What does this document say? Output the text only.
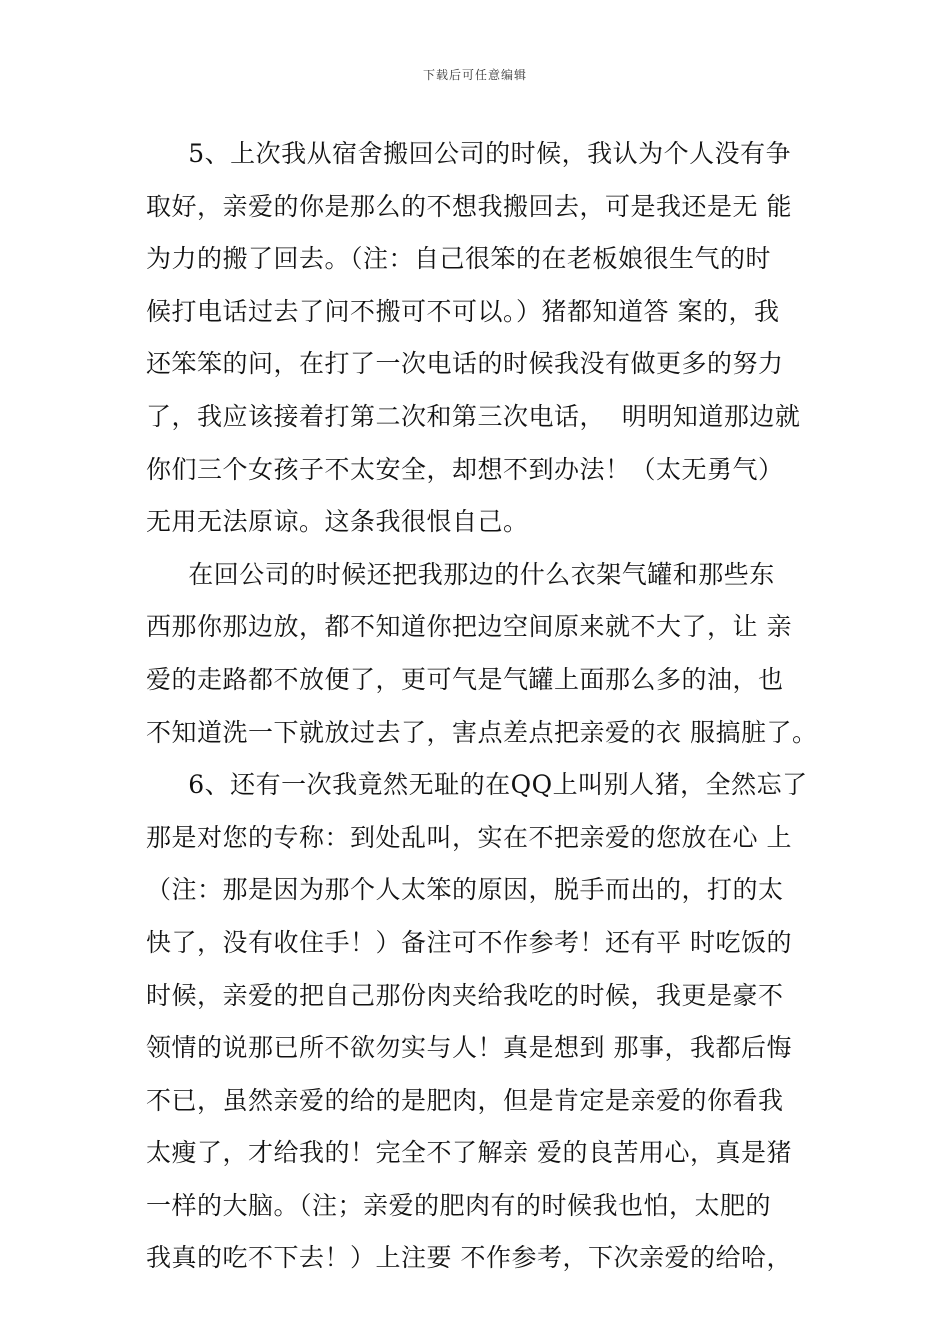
下载后可任意编辑
5、上次我从宿舍搬回公司的时候，我认为个人没有争
取好，亲爱的你是那么的不想我搬回去，可是我还是无 能
为力的搬了回去。（注：自己很笨的在老板娘很生气的时
候打电话过去了问不搬可不可以。）猪都知道答 案的，我
还笨笨的问，在打了一次电话的时候我没有做更多的努力
了，我应该接着打第二次和第三次电话，  明明知道那边就
你们三个女孩子不太安全，却想不到办法！（太无勇气）
无用无法原谅。这条我很恨自己。
在回公司的时候还把我那边的什么衣架气罐和那些东
西那你那边放，都不知道你把边空间原来就不大了，让 亲
爱的走路都不放便了，更可气是气罐上面那么多的油，也
不知道洗一下就放过去了，害点差点把亲爱的衣 服搞脏了。
6、还有一次我竟然无耻的在QQ上叫别人猪，全然忘了
那是对您的专称：到处乱叫，实在不把亲爱的您放在心 上
（注：那是因为那个人太笨的原因，脱手而出的，打的太
快了，没有收住手！）备注可不作参考！还有平 时吃饭的
时候，亲爱的把自己那份肉夹给我吃的时候，我更是豪不
领情的说那已所不欲勿实与人！真是想到 那事，我都后悔
不已，虽然亲爱的给的是肥肉，但是肯定是亲爱的你看我
太瘦了，才给我的！完全不了解亲 爱的良苦用心，真是猪
一样的大脑。（注；亲爱的肥肉有的时候我也怕，太肥的
我真的吃不下去！）上注要 不作参考，下次亲爱的给哈，
